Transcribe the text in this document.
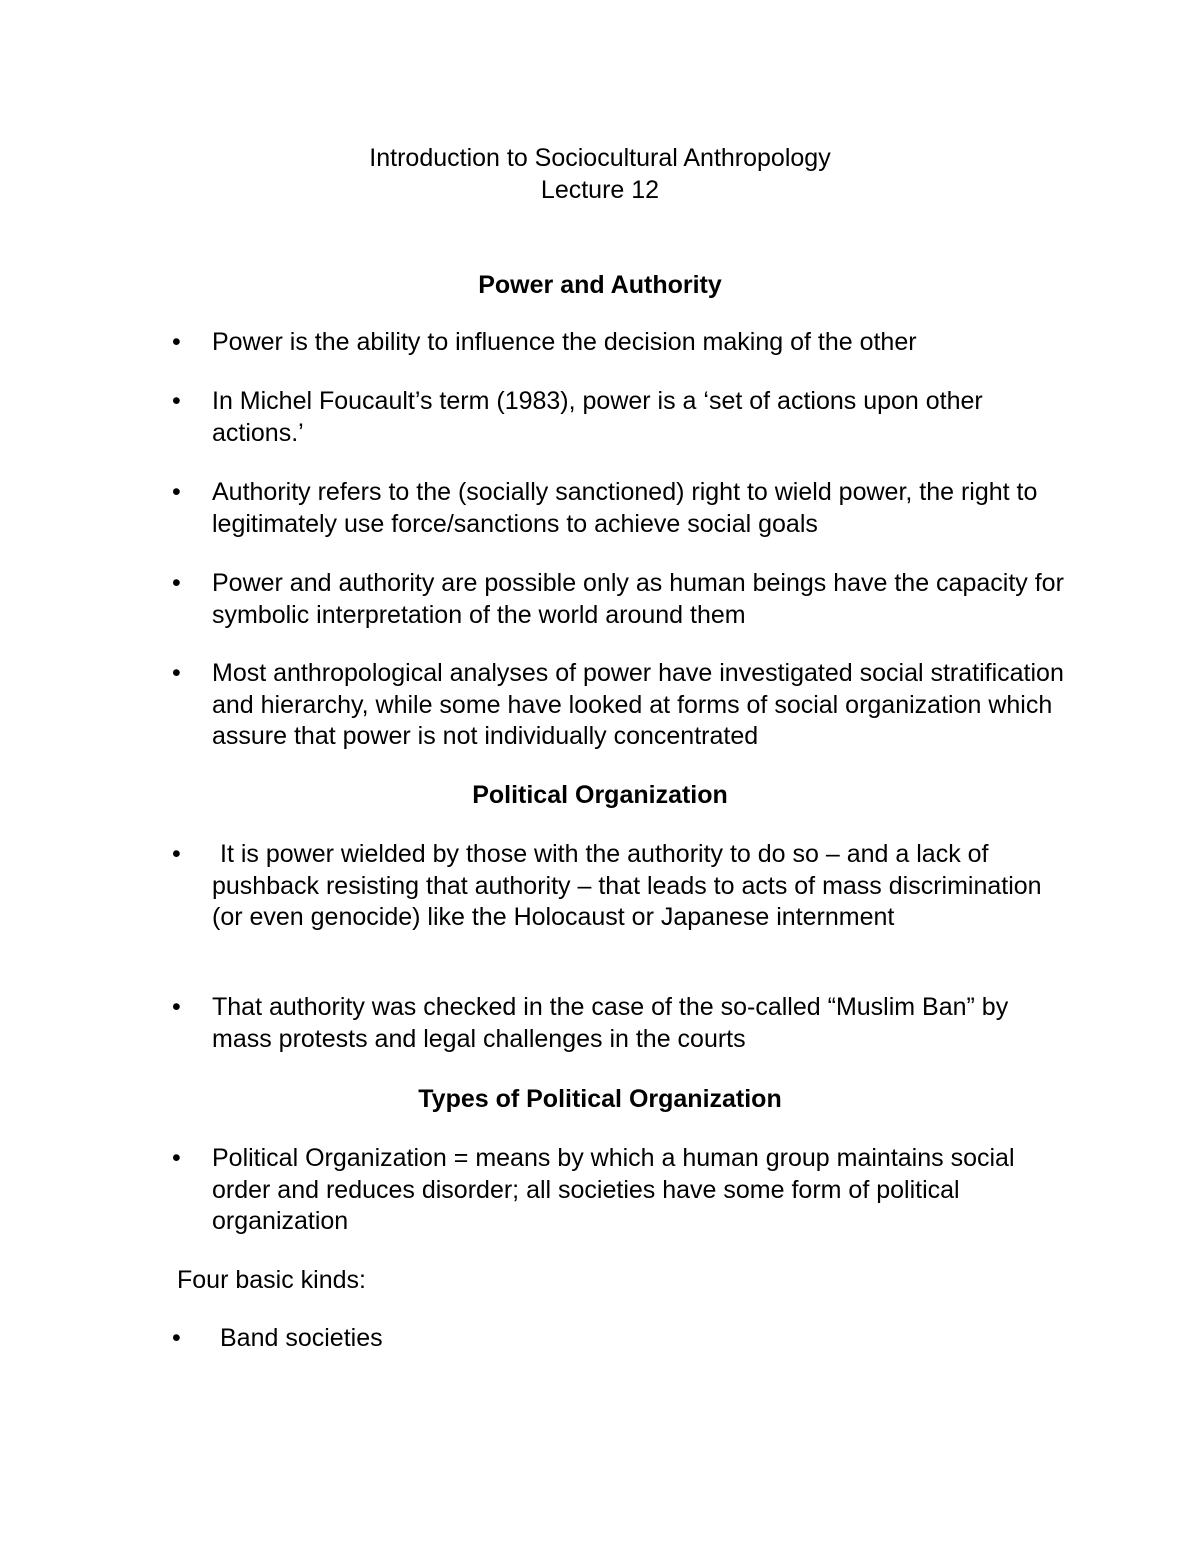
Introduction to Sociocultural Anthropology
Lecture 12
Power and Authority
•	Power is the ability to influence the decision making of the other
•	In Michel Foucault’s term (1983), power is a ‘set of actions upon other actions.’
•	Authority refers to the (socially sanctioned) right to wield power, the right to legitimately use force/sanctions to achieve social goals
•	Power and authority are possible only as human beings have the capacity for symbolic interpretation of the world around them
•	Most anthropological analyses of power have investigated social stratification and hierarchy, while some have looked at forms of social organization which assure that power is not individually concentrated
Political Organization
•	It is power wielded by those with the authority to do so – and a lack of pushback resisting that authority – that leads to acts of mass discrimination (or even genocide) like the Holocaust or Japanese internment
•	That authority was checked in the case of the so-called “Muslim Ban” by mass protests and legal challenges in the courts
Types of Political Organization
•	Political Organization = means by which a human group maintains social order and reduces disorder; all societies have some form of political organization
Four basic kinds:
•	Band societies
